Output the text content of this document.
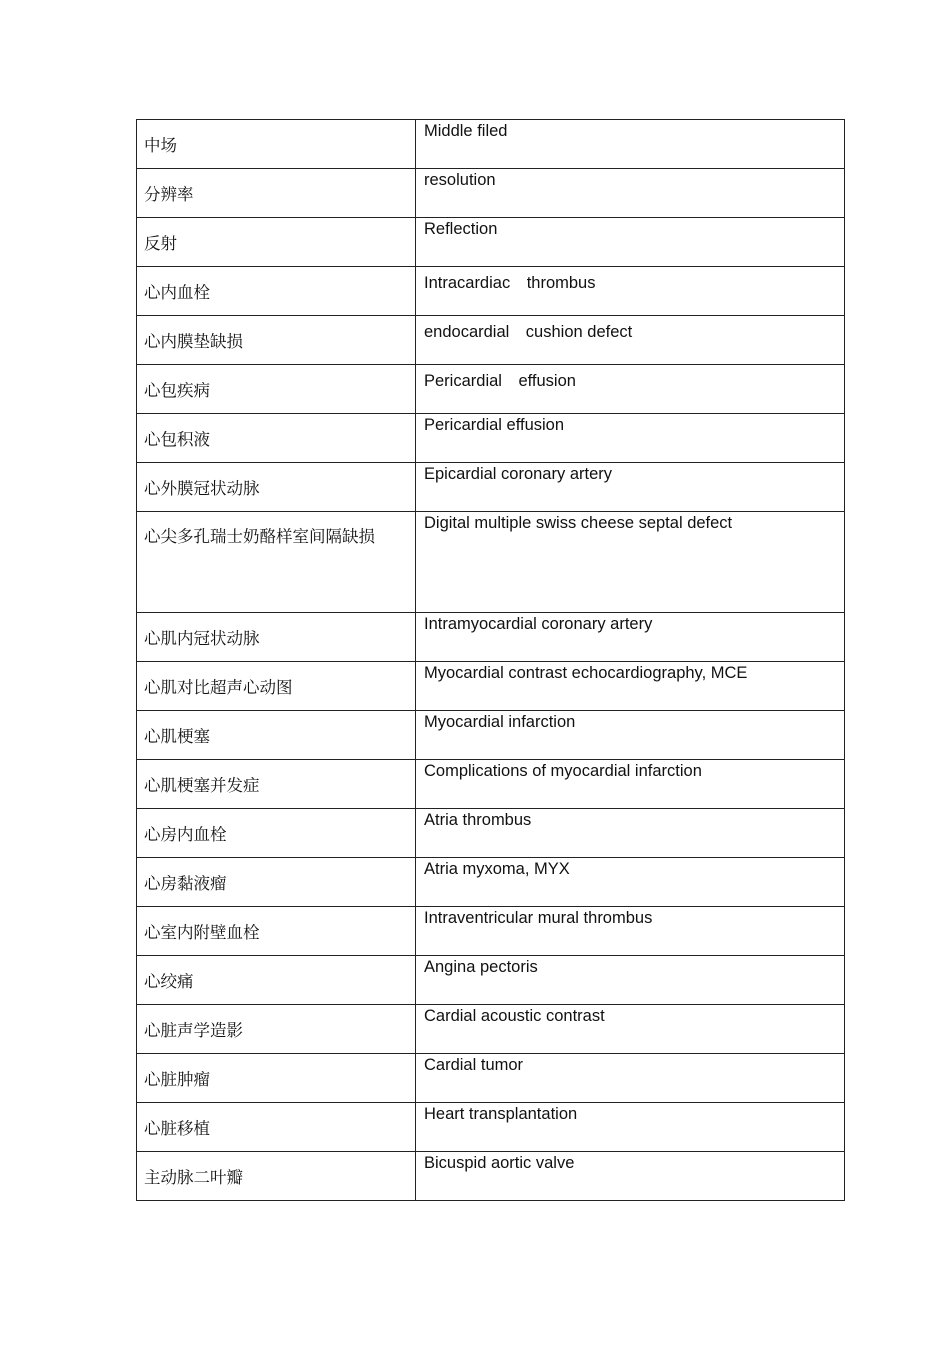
中场	Middle filed

分辨率	resolution

反射	Reflection

心内血栓	Intracardiac　thrombus

心内膜垫缺损	endocardial　cushion defect

心包疾病	Pericardial　effusion

心包积液	Pericardial effusion

心外膜冠状动脉	Epicardial coronary artery

心尖多孔瑞士奶酪样室间隔缺损	Digital multiple swiss cheese septal defect

心肌内冠状动脉	Intramyocardial coronary artery

心肌对比超声心动图	Myocardial contrast echocardiography, MCE

心肌梗塞	Myocardial infarction

心肌梗塞并发症	Complications of myocardial infarction

心房内血栓	Atria thrombus

心房黏液瘤	Atria myxoma, MYX

心室内附壁血栓	Intraventricular mural thrombus

心绞痛	Angina pectoris

心脏声学造影	Cardial acoustic contrast

心脏肿瘤	Cardial tumor

心脏移植	Heart transplantation

主动脉二叶瓣	Bicuspid aortic valve
